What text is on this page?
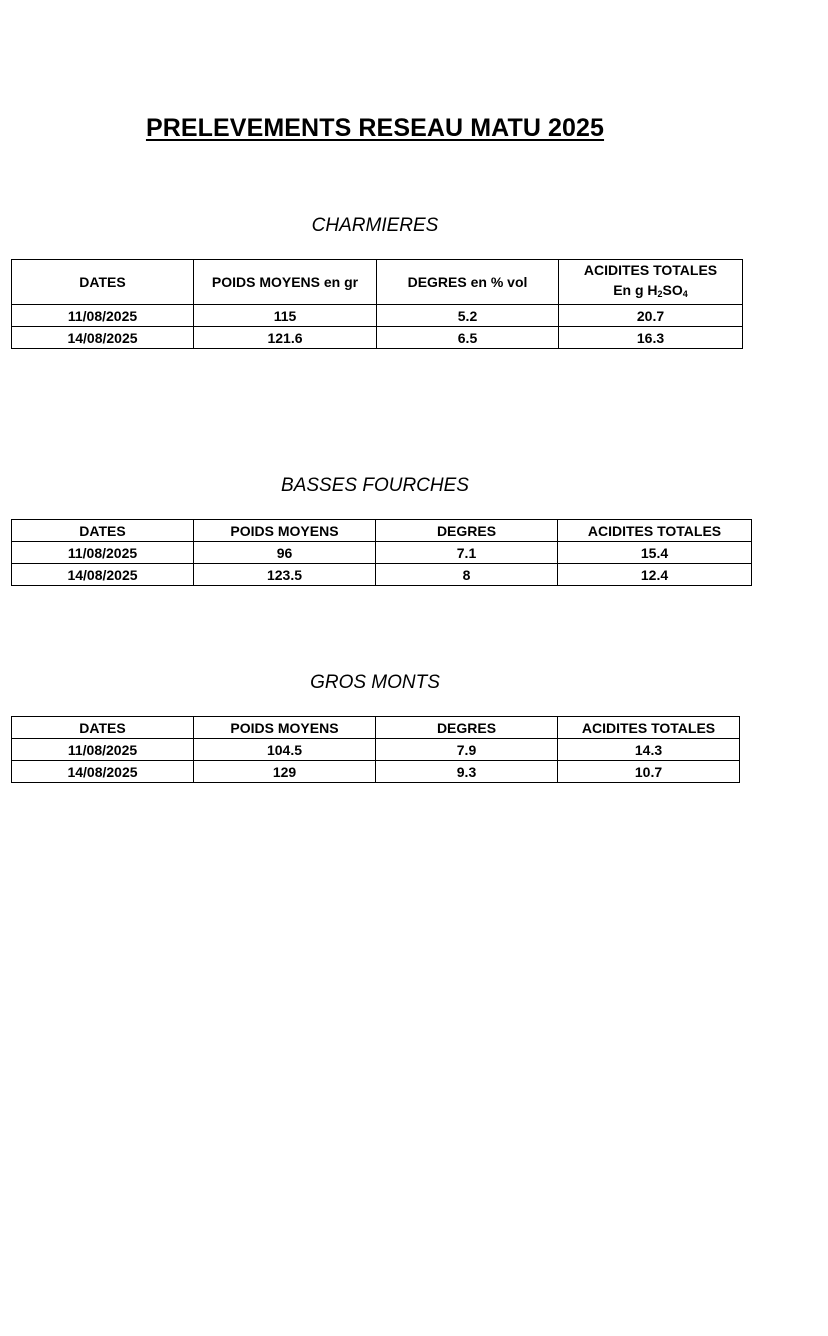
PRELEVEMENTS RESEAU MATU 2025
CHARMIERES
DATES	POIDS MOYENS en gr	DEGRES en % vol	ACIDITES TOTALES
En g $H_2SO_4$
11/08/2025	115	5.2	20.7
14/08/2025	121.6	6.5	16.3
BASSES FOURCHES
DATES	POIDS MOYENS	DEGRES	ACIDITES TOTALES
11/08/2025	96	7.1	15.4
14/08/2025	123.5	8	12.4
GROS MONTS
DATES	POIDS MOYENS	DEGRES	ACIDITES TOTALES
11/08/2025	104.5	7.9	14.3
14/08/2025	129	9.3	10.7
